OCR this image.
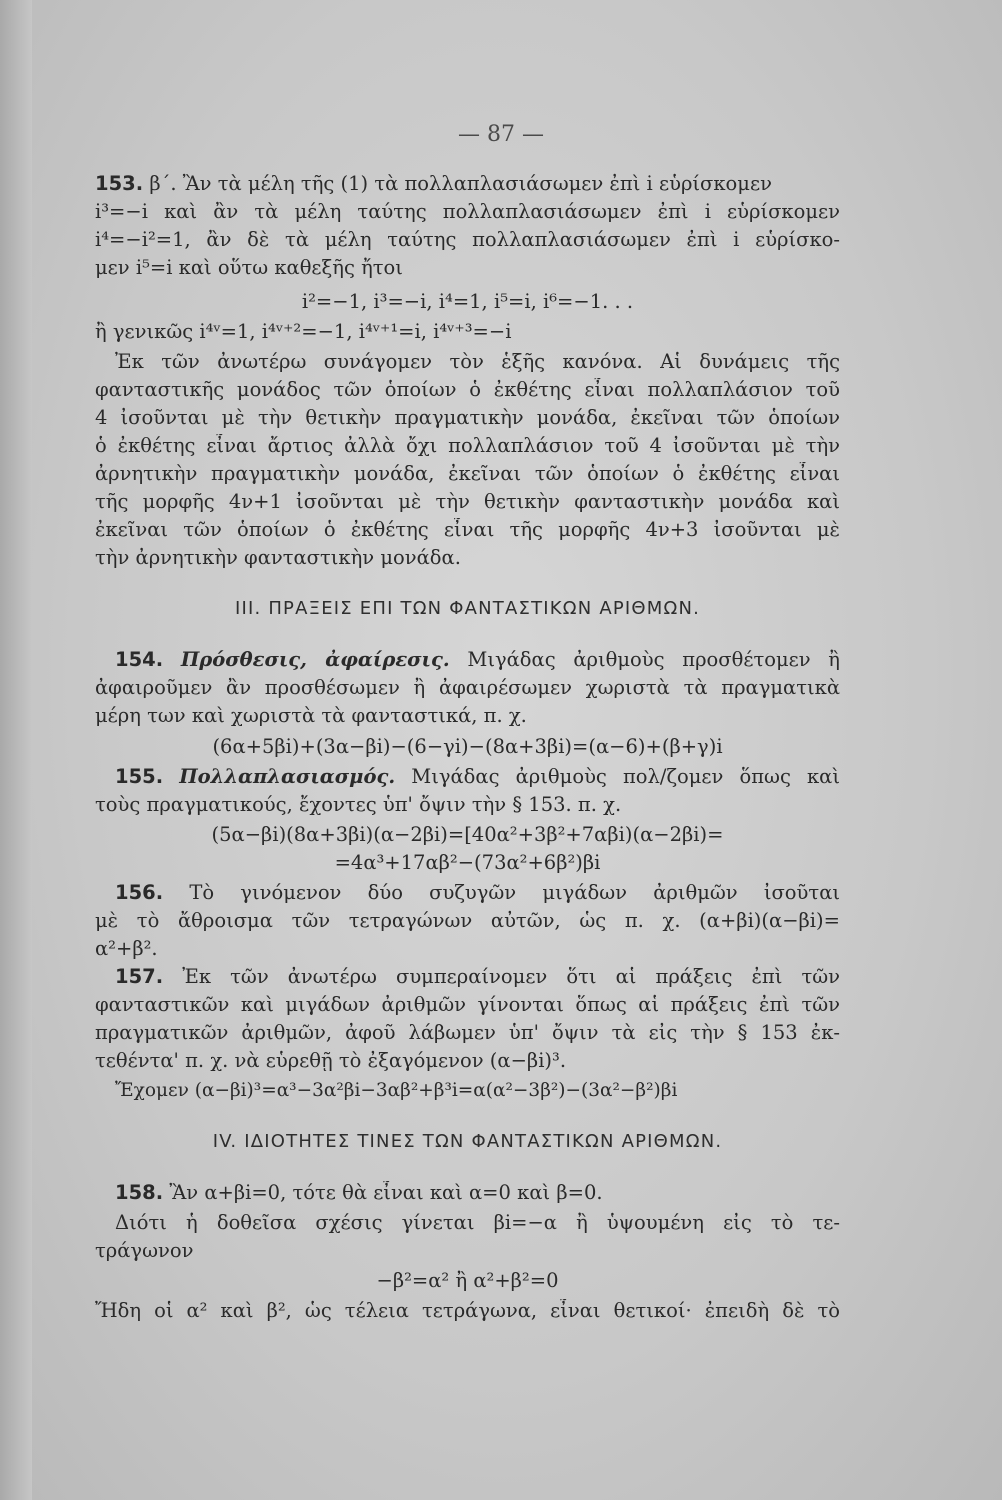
— 87 —
153. β΄. Ἂν τὰ μέλη τῆς (1) τὰ πολλαπλασιάσωμεν ἐπὶ i εὑρίσκομεν
i³=−i καὶ ἂν τὰ μέλη ταύτης πολλαπλασιάσωμεν ἐπὶ i εὑρίσκομεν
i⁴=−i²=1, ἂν δὲ τὰ μέλη ταύτης πολλαπλασιάσωμεν ἐπὶ i εὑρίσκο-
μεν i⁵=i καὶ οὕτω καθεξῆς ἤτοι
i²=−1, i³=−i, i⁴=1, i⁵=i, i⁶=−1. . .
ἢ γενικῶς i⁴ᵛ=1, i⁴ᵛ⁺²=−1, i⁴ᵛ⁺¹=i, i⁴ᵛ⁺³=−i
Ἐκ τῶν ἀνωτέρω συνάγομεν τὸν ἑξῆς κανόνα. Αἱ δυνάμεις τῆς
φανταστικῆς μονάδος τῶν ὁποίων ὁ ἐκθέτης εἶναι πολλαπλάσιον τοῦ
4 ἰσοῦνται μὲ τὴν θετικὴν πραγματικὴν μονάδα, ἐκεῖναι τῶν ὁποίων
ὁ ἐκθέτης εἶναι ἄρτιος ἀλλὰ ὄχι πολλαπλάσιον τοῦ 4 ἰσοῦνται μὲ τὴν
ἀρνητικὴν πραγματικὴν μονάδα, ἐκεῖναι τῶν ὁποίων ὁ ἐκθέτης εἶναι
τῆς μορφῆς 4ν+1 ἰσοῦνται μὲ τὴν θετικὴν φανταστικὴν μονάδα καὶ
ἐκεῖναι τῶν ὁποίων ὁ ἐκθέτης εἶναι τῆς μορφῆς 4ν+3 ἰσοῦνται μὲ
τὴν ἀρνητικὴν φανταστικὴν μονάδα.
III. ΠΡΑΞΕΙΣ ΕΠΙ ΤΩΝ ΦΑΝΤΑΣΤΙΚΩΝ ΑΡΙΘΜΩΝ.
154. Πρόσθεσις, ἀφαίρεσις. Μιγάδας ἀριθμοὺς προσθέτομεν ἢ
ἀφαιροῦμεν ἂν προσθέσωμεν ἢ ἀφαιρέσωμεν χωριστὰ τὰ πραγματικὰ
μέρη των καὶ χωριστὰ τὰ φανταστικά, π. χ.
(6α+5βi)+(3α−βi)−(6−γi)−(8α+3βi)=(α−6)+(β+γ)i
155. Πολλαπλασιασμός. Μιγάδας ἀριθμοὺς πολ/ζομεν ὅπως καὶ
τοὺς πραγματικούς, ἔχοντες ὑπ' ὄψιν τὴν § 153. π. χ.
(5α−βi)(8α+3βi)(α−2βi)=[40α²+3β²+7αβi)(α−2βi)=
=4α³+17αβ²−(73α²+6β²)βi
156. Τὸ γινόμενον δύο συζυγῶν μιγάδων ἀριθμῶν ἰσοῦται
μὲ τὸ ἄθροισμα τῶν τετραγώνων αὐτῶν, ὡς π. χ. (α+βi)(α−βi)=
α²+β².
157. Ἐκ τῶν ἀνωτέρω συμπεραίνομεν ὅτι αἱ πράξεις ἐπὶ τῶν
φανταστικῶν καὶ μιγάδων ἀριθμῶν γίνονται ὅπως αἱ πράξεις ἐπὶ τῶν
πραγματικῶν ἀριθμῶν, ἀφοῦ λάβωμεν ὑπ' ὄψιν τὰ εἰς τὴν § 153 ἐκ-
τεθέντα' π. χ. νὰ εὑρεθῇ τὸ ἐξαγόμενον (α−βi)³.
Ἔχομεν (α−βi)³=α³−3α²βi−3αβ²+β³i=α(α²−3β²)−(3α²−β²)βi
IV. ΙΔΙΟΤΗΤΕΣ ΤΙΝΕΣ ΤΩΝ ΦΑΝΤΑΣΤΙΚΩΝ ΑΡΙΘΜΩΝ.
158. Ἂν α+βi=0, τότε θὰ εἶναι καὶ α=0 καὶ β=0.
Διότι ἡ δοθεῖσα σχέσις γίνεται βi=−α ἢ ὑψουμένη εἰς τὸ τε-
τράγωνον
−β²=α² ἢ α²+β²=0
Ἤδη οἱ α² καὶ β², ὡς τέλεια τετράγωνα, εἶναι θετικοί· ἐπειδὴ δὲ τὸ
